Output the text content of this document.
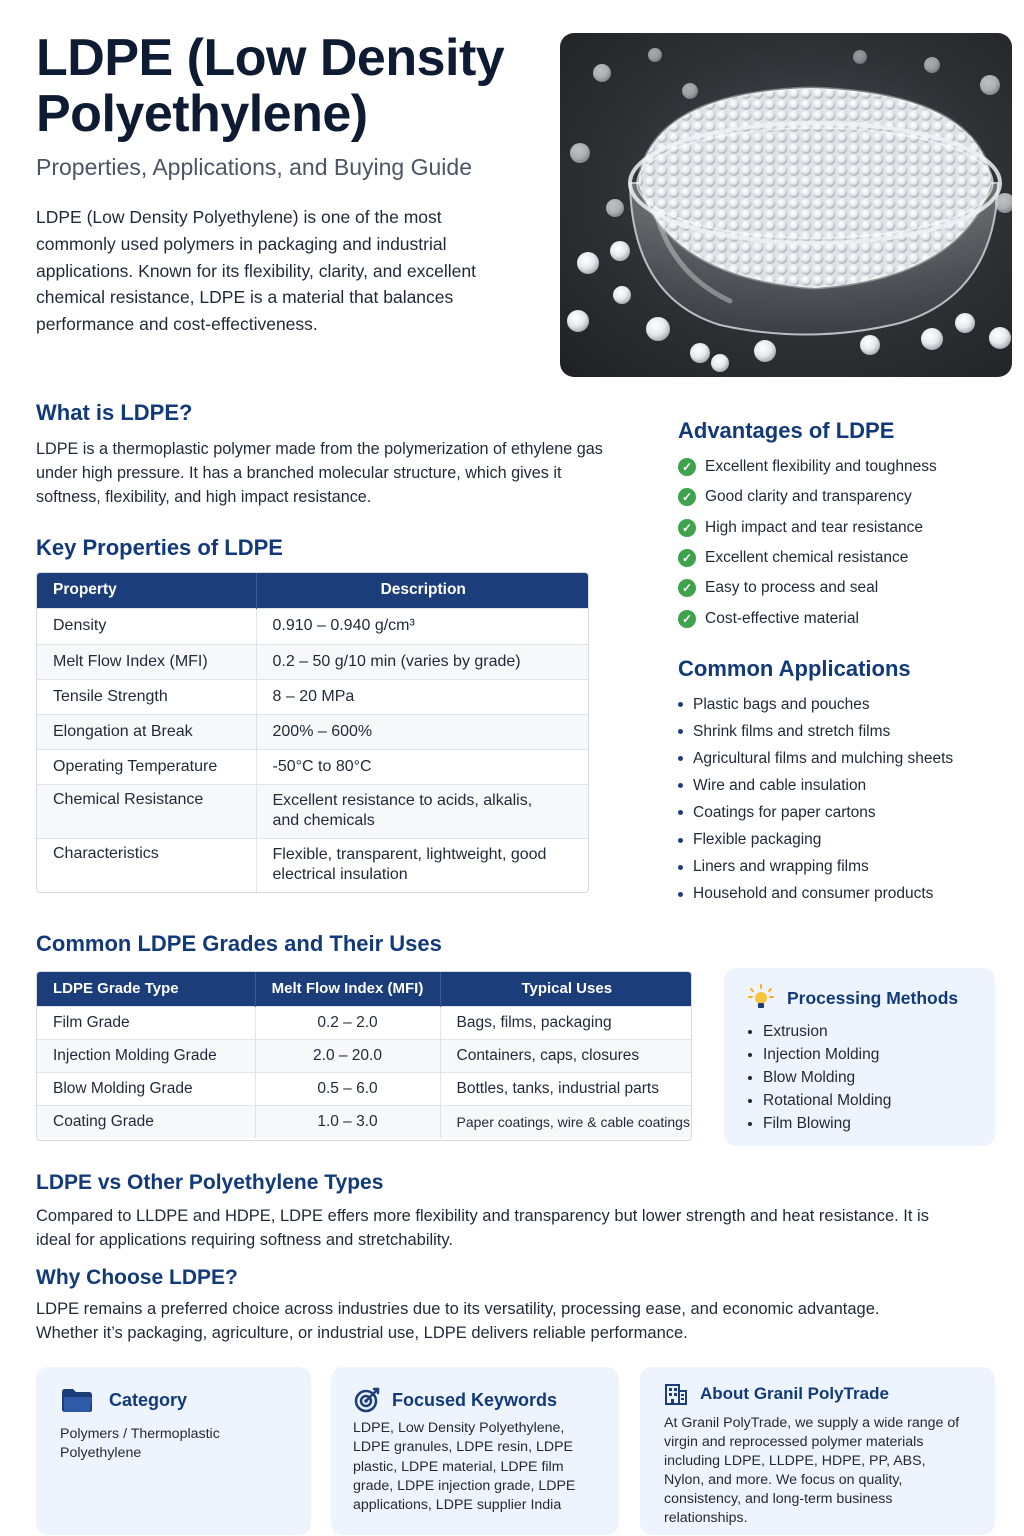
LDPE (Low Density Polyethylene)
Properties, Applications, and Buying Guide

LDPE (Low Density Polyethylene) is one of the most commonly used polymers in packaging and industrial applications. Known for its flexibility, clarity, and excellent chemical resistance, LDPE is a material that balances performance and cost-effectiveness.

What is LDPE?

LDPE is a thermoplastic polymer made from the polymerization of ethylene gas under high pressure. It has a branched molecular structure, which gives it softness, flexibility, and high impact resistance.

Key Properties of LDPE
Property	Description
Density	0.910 – 0.940 g/cm³
Melt Flow Index (MFI)	0.2 – 50 g/10 min (varies by grade)
Tensile Strength	8 – 20 MPa
Elongation at Break	200% – 600%
Operating Temperature	-50°C to 80°C
Chemical Resistance	Excellent resistance to acids, alkalis, and chemicals
Characteristics	Flexible, transparent, lightweight, good electrical insulation
Advantages of LDPE
✓ Excellent flexibility and toughness
✓ Good clarity and transparency
✓ High impact and tear resistance
✓ Excellent chemical resistance
✓ Easy to process and seal
✓ Cost-effective material
Common Applications
Plastic bags and pouches
Shrink films and stretch films
Agricultural films and mulching sheets
Wire and cable insulation
Coatings for paper cartons
Flexible packaging
Liners and wrapping films
Household and consumer products
Common LDPE Grades and Their Uses
LDPE Grade Type	Melt Flow Index (MFI)	Typical Uses
Film Grade	0.2 – 2.0	Bags, films, packaging
Injection Molding Grade	2.0 – 20.0	Containers, caps, closures
Blow Molding Grade	0.5 – 6.0	Bottles, tanks, industrial parts
Coating Grade	1.0 – 3.0	Paper coatings, wire & cable coatings
Processing Methods
Extrusion
Injection Molding
Blow Molding
Rotational Molding
Film Blowing
LDPE vs Other Polyethylene Types

Compared to LLDPE and HDPE, LDPE effers more flexibility and transparency but lower strength and heat resistance. It is ideal for applications requiring softness and stretchability.

Why Choose LDPE?

LDPE remains a preferred choice across industries due to its versatility, processing ease, and economic advantage. Whether it’s packaging, agriculture, or industrial use, LDPE delivers reliable performance.

Category
Polymers / Thermoplastic Polyethylene
Focused Keywords
LDPE, Low Density Polyethylene, LDPE granules, LDPE resin, LDPE plastic, LDPE material, LDPE film grade, LDPE injection grade, LDPE applications, LDPE supplier India
About Granil PolyTrade
At Granil PolyTrade, we supply a wide range of virgin and reprocessed polymer materials including LDPE, LLDPE, HDPE, PP, ABS, Nylon, and more. We focus on quality, consistency, and long-term business relationships.
